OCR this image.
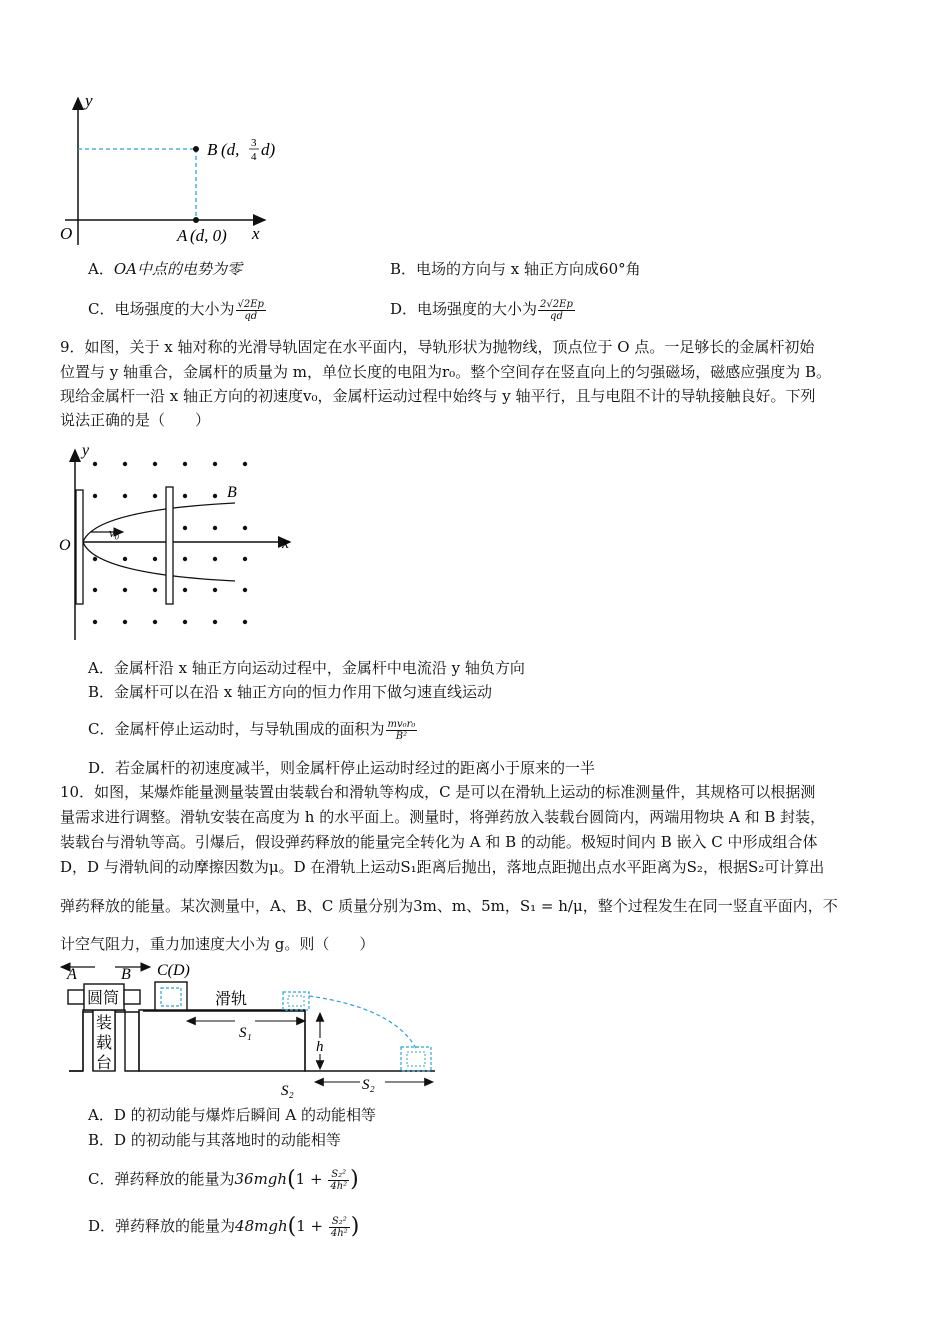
y
x
O
B (d, 3
4 d)
A (d, 0)
A．OA中点的电势为零	B．电场的方向与 x 轴正方向成60°角
C．电场强度的大小为 $\frac{√2Ep}{qd}$	D．电场强度的大小为 $\frac{2√2Ep}{qd}$
9．如图，关于 x 轴对称的光滑导轨固定在水平面内，导轨形状为抛物线，顶点位于 O 点。一足够长的金属杆初始
位置与 y 轴重合，金属杆的质量为 m，单位长度的电阻为r₀。整个空间存在竖直向上的匀强磁场，磁感应强度为 B。
现给金属杆一沿 x 轴正方向的初速度v₀，金属杆运动过程中始终与 y 轴平行，且与电阻不计的导轨接触良好。下列
说法正确的是（　　）
y
x
O
B
v₀
A．金属杆沿 x 轴正方向运动过程中，金属杆中电流沿 y 轴负方向
B．金属杆可以在沿 x 轴正方向的恒力作用下做匀速直线运动
C．金属杆停止运动时，与导轨围成的面积为 $\frac{\text{mv₀r₀}}{\text{B²}}$
D．若金属杆的初速度减半，则金属杆停止运动时经过的距离小于原来的一半
10．如图，某爆炸能量测量装置由装载台和滑轨等构成，C 是可以在滑轨上运动的标准测量件，其规格可以根据测
量需求进行调整。滑轨安装在高度为 h 的水平面上。测量时，将弹药放入装载台圆筒内，两端用物块 A 和 B 封装，
装载台与滑轨等高。引爆后，假设弹药释放的能量完全转化为 A 和 B 的动能。极短时间内 B 嵌入 C 中形成组合体
D，D 与滑轨间的动摩擦因数为μ。D 在滑轨上运动S₁距离后抛出，落地点距抛出点水平距离为S₂，根据S₂可计算出
弹药释放的能量。某次测量中，A、B、C 质量分别为3m、m、5m，S₁ = h/μ，整个过程发生在同一竖直平面内，不
计空气阻力，重力加速度大小为 g。则（　　）
A	B C(D)
装
载
台
圆筒	滑轨
S₁
h
S₂
S₂
A．D 的初动能与爆炸后瞬间 A 的动能相等
B．D 的初动能与其落地时的动能相等
C．弹药释放的能量为$36mgh(1 + \frac{\text{S₂²}}{\text{4h²}}$ )
D．弹药释放的能量为$48mgh(1 + \frac{\text{S₂²}}{\text{4h²}}$ )
